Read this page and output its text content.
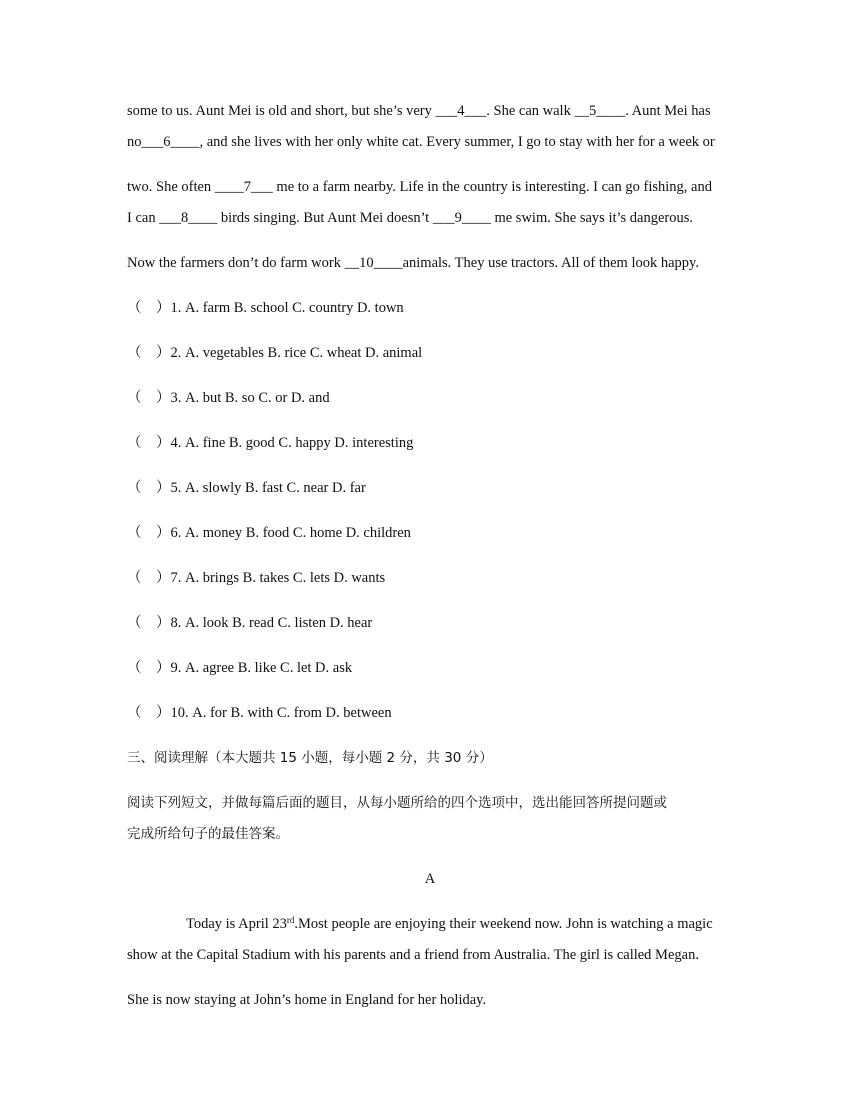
some to us. Aunt Mei is old and short, but she’s very ___4___. She can walk __5____. Aunt Mei has
no___6____, and she lives with her only white cat. Every summer, I go to stay with her for a week or
two. She often ____7___ me to a farm nearby. Life in the country is interesting. I can go fishing, and
I can ___8____ birds singing. But Aunt Mei doesn’t ___9____ me swim. She says it’s dangerous.
Now the farmers don’t do farm work __10____animals. They use tractors. All of them look happy.
（　）1. A. farm B. school C. country D. town
（　）2. A. vegetables B. rice C. wheat D. animal
（　）3. A. but B. so C. or D. and
（　）4. A. fine B. good C. happy D. interesting
（　）5. A. slowly B. fast C. near D. far
（　）6. A. money B. food C. home D. children
（　）7. A. brings B. takes C. lets D. wants
（　）8. A. look B. read C. listen D. hear
（　）9. A. agree B. like C. let D. ask
（　）10. A. for B. with C. from D. between
三、阅读理解（本大题共 15 小题，每小题 2 分，共 30 分）
阅读下列短文，并做每篇后面的题目，从每小题所给的四个选项中，选出能回答所提问题或
完成所给句子的最佳答案。
A
Today is April 23rd.Most people are enjoying their weekend now. John is watching a magic
show at the Capital Stadium with his parents and a friend from Australia. The girl is called Megan.
She is now staying at John’s home in England for her holiday.
